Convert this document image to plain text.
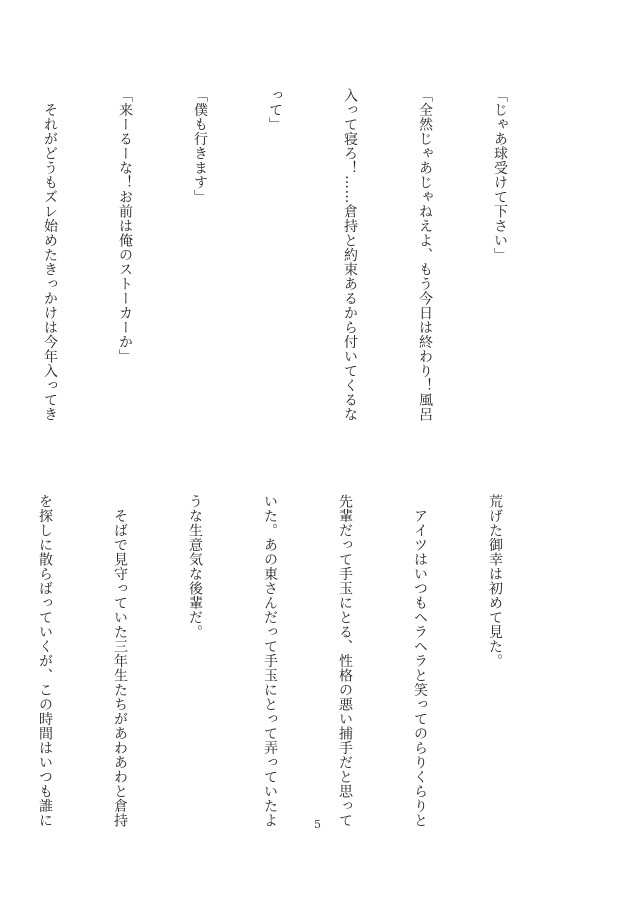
「じゃあ球受けて下さい」

「全然じゃあじゃねえよ、もう今日は終わり！風呂

入って寝ろ！……倉持と約束あるから付いてくるな

って」

「僕も行きます」

「来ーるーな！お前は俺のストーカーか」

　それがどうもズレ始めたきっかけは今年入ってき

荒げた御幸は初めて見た。

　アイツはいつもヘラヘラと笑ってのらりくらりと

先輩だって手玉にとる、性格の悪い捕手だと思って

いた。あの東さんだって手玉にとって弄っていたよ

うな生意気な後輩だ。

　そばで見守っていた三年生たちがあわあわと倉持

を探しに散らばっていくが、この時間はいつも誰に

	5
